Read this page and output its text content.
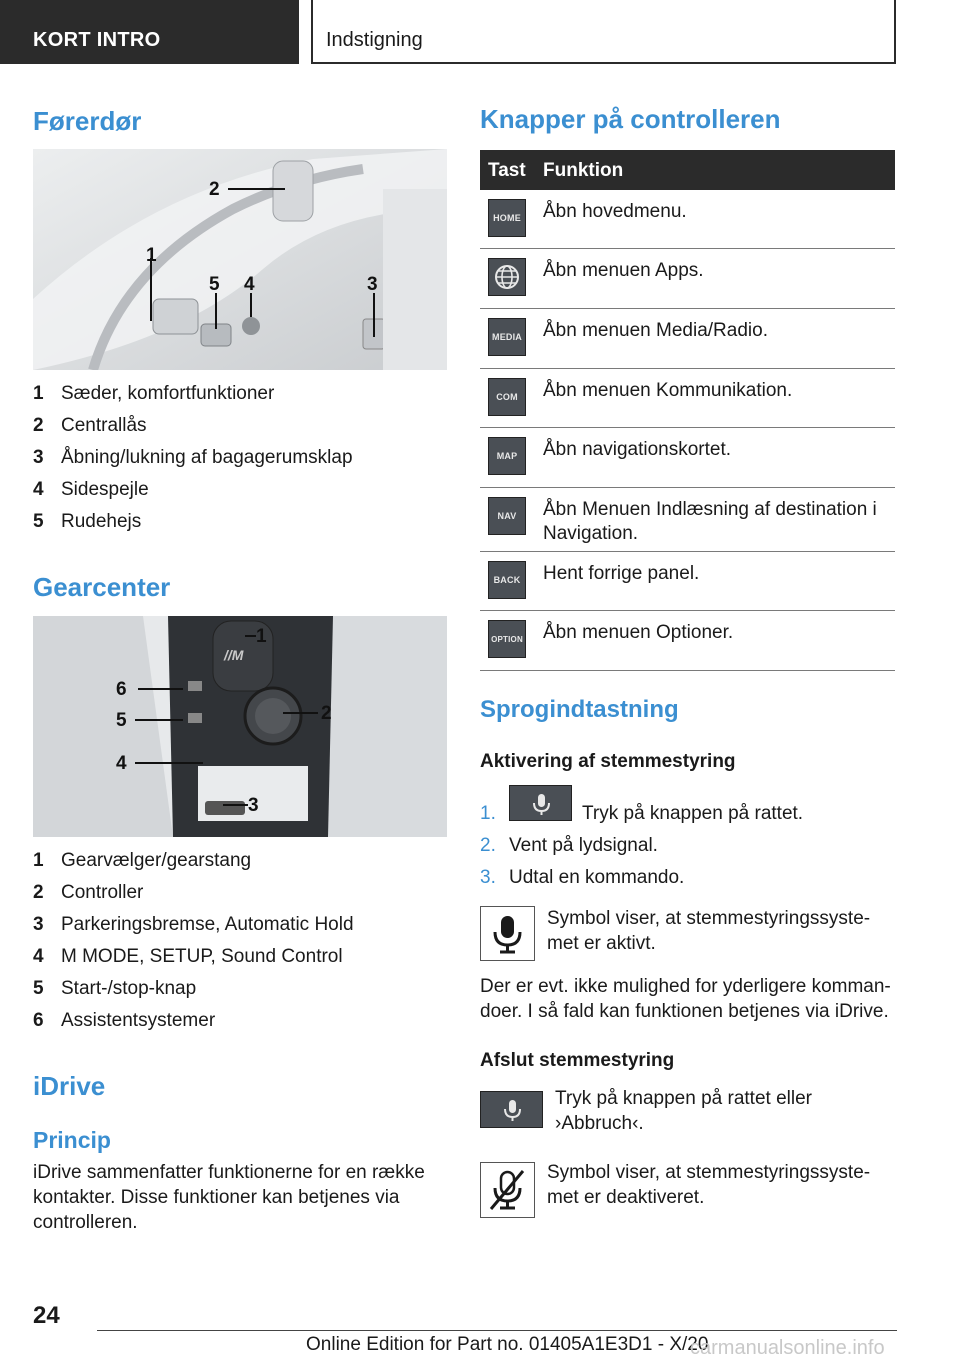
KORT INTRO	Indstigning
Førerdør
1
2
3
4
5
1 Sæder, komfortfunktioner
2 Centrallås
3 Åbning/lukning af bagagerumsklap
4 Sidespejle
5 Rudehejs
Gearcenter
//M
1
2
3
4
5
6
1 Gearvælger/gearstang
2 Controller
3 Parkeringsbremse, Automatic Hold
4 M MODE, SETUP, Sound Control
5 Start-/stop-knap
6 Assistentsystemer
iDrive
Princip

iDrive sammenfatter funktionerne for en række kontakter. Disse funktioner kan betjenes via controlleren.

Knapper på controlleren
Tast Funktion
HOME Åbn hovedmenu.
Åbn menuen Apps.
MEDIA Åbn menuen Media/Radio.
COM	Åbn menuen Kommunikation.
MAP	Åbn navigationskortet.
NAV	Åbn Menuen Indlæsning af destination i Navigation.
BACK Hent forrige panel.
OPTION Åbn menuen Optioner.
Sprogindtastning
Aktivering af stemmestyring
1.	Tryk på knappen på rattet.
2. Vent på lydsignal.
3. Udtal en kommando.

Symbol viser, at stemmestyringssyste-met er aktivt.

Der er evt. ikke mulighed for yderligere komman-doer. I så fald kan funktionen betjenes via iDrive.

Afslut stemmestyring

Tryk på knappen på rattet eller ›Abbruch‹.

Symbol viser, at stemmestyringssyste-met er deaktiveret.

24
Online Edition for Part no. 01405A1E3D1 - X/20
carmanualsonline.info
